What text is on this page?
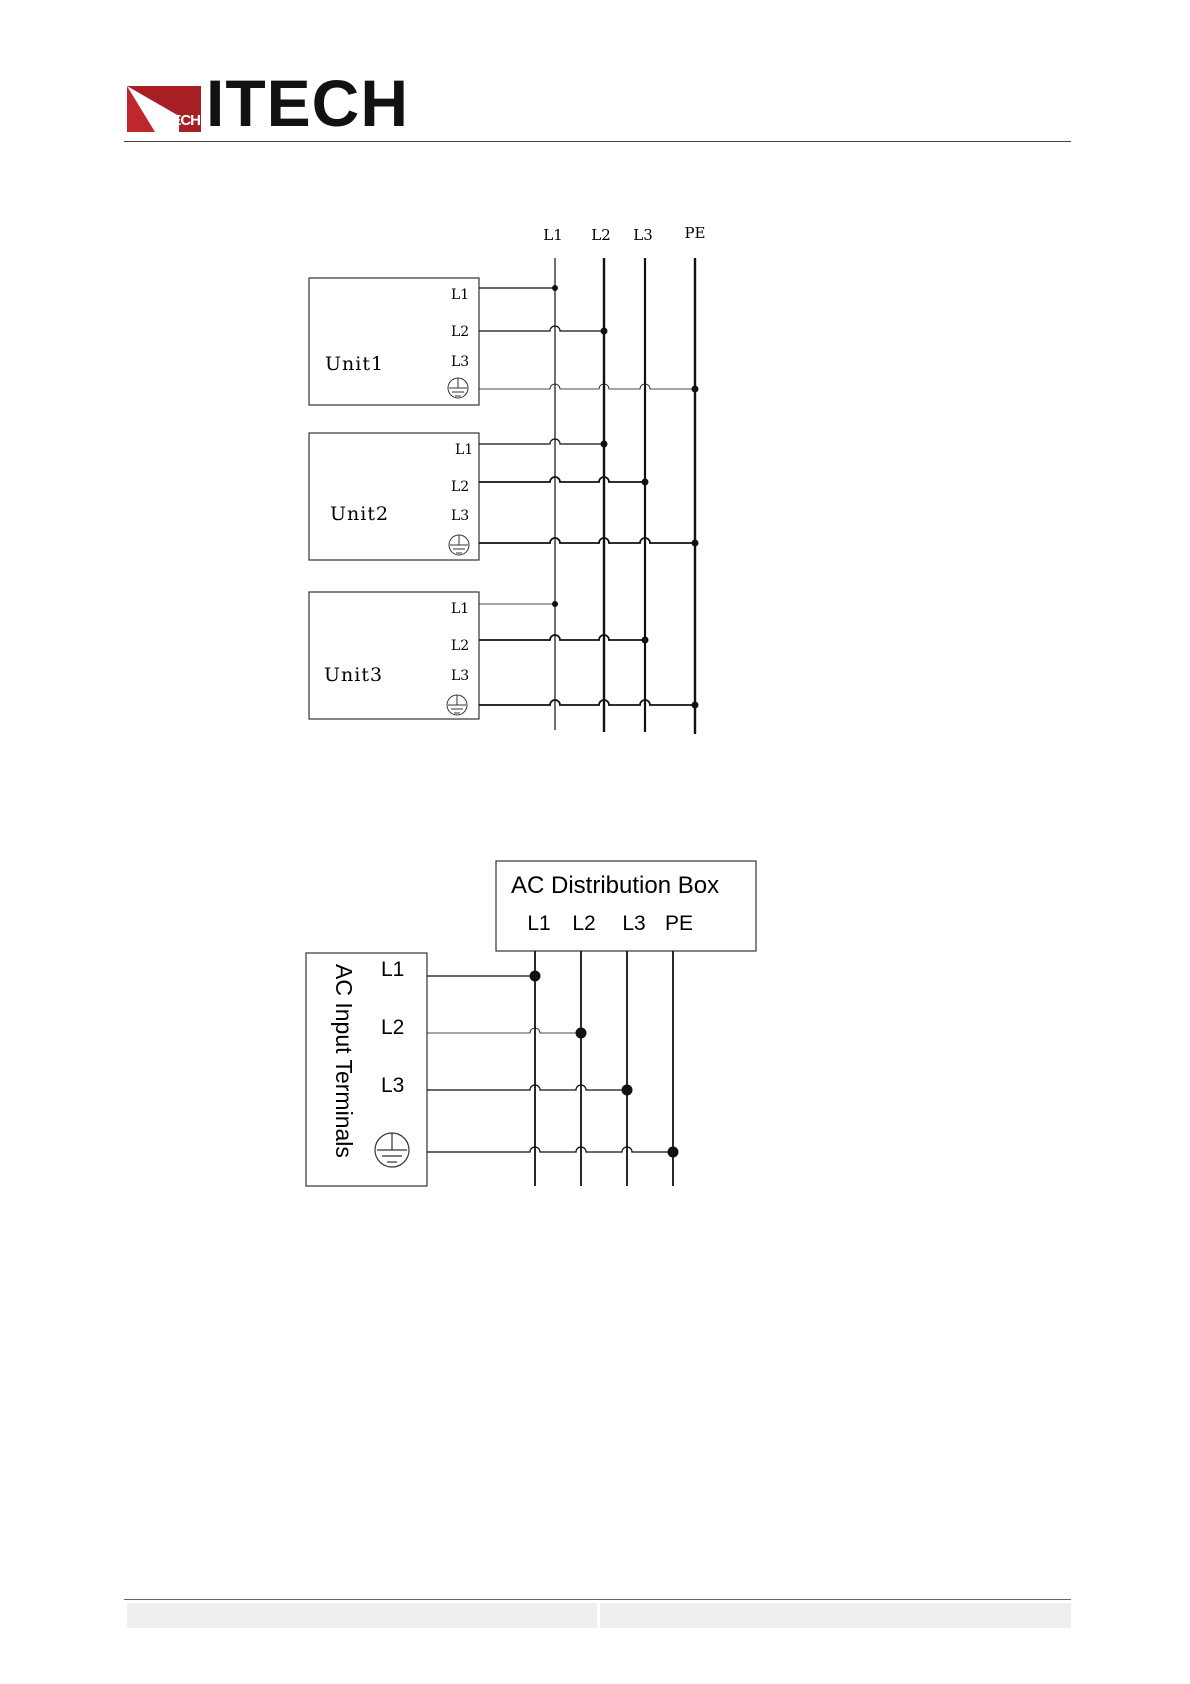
ITECH ITECH
L1 L2 L3 PE
Unit1
Unit2
Unit3
L1
L2
L3
L1
L2
L3
L1
L2
L3
AC Distribution Box
L1 L2 L3 PE
AC Input Terminals L1
L2
L3
